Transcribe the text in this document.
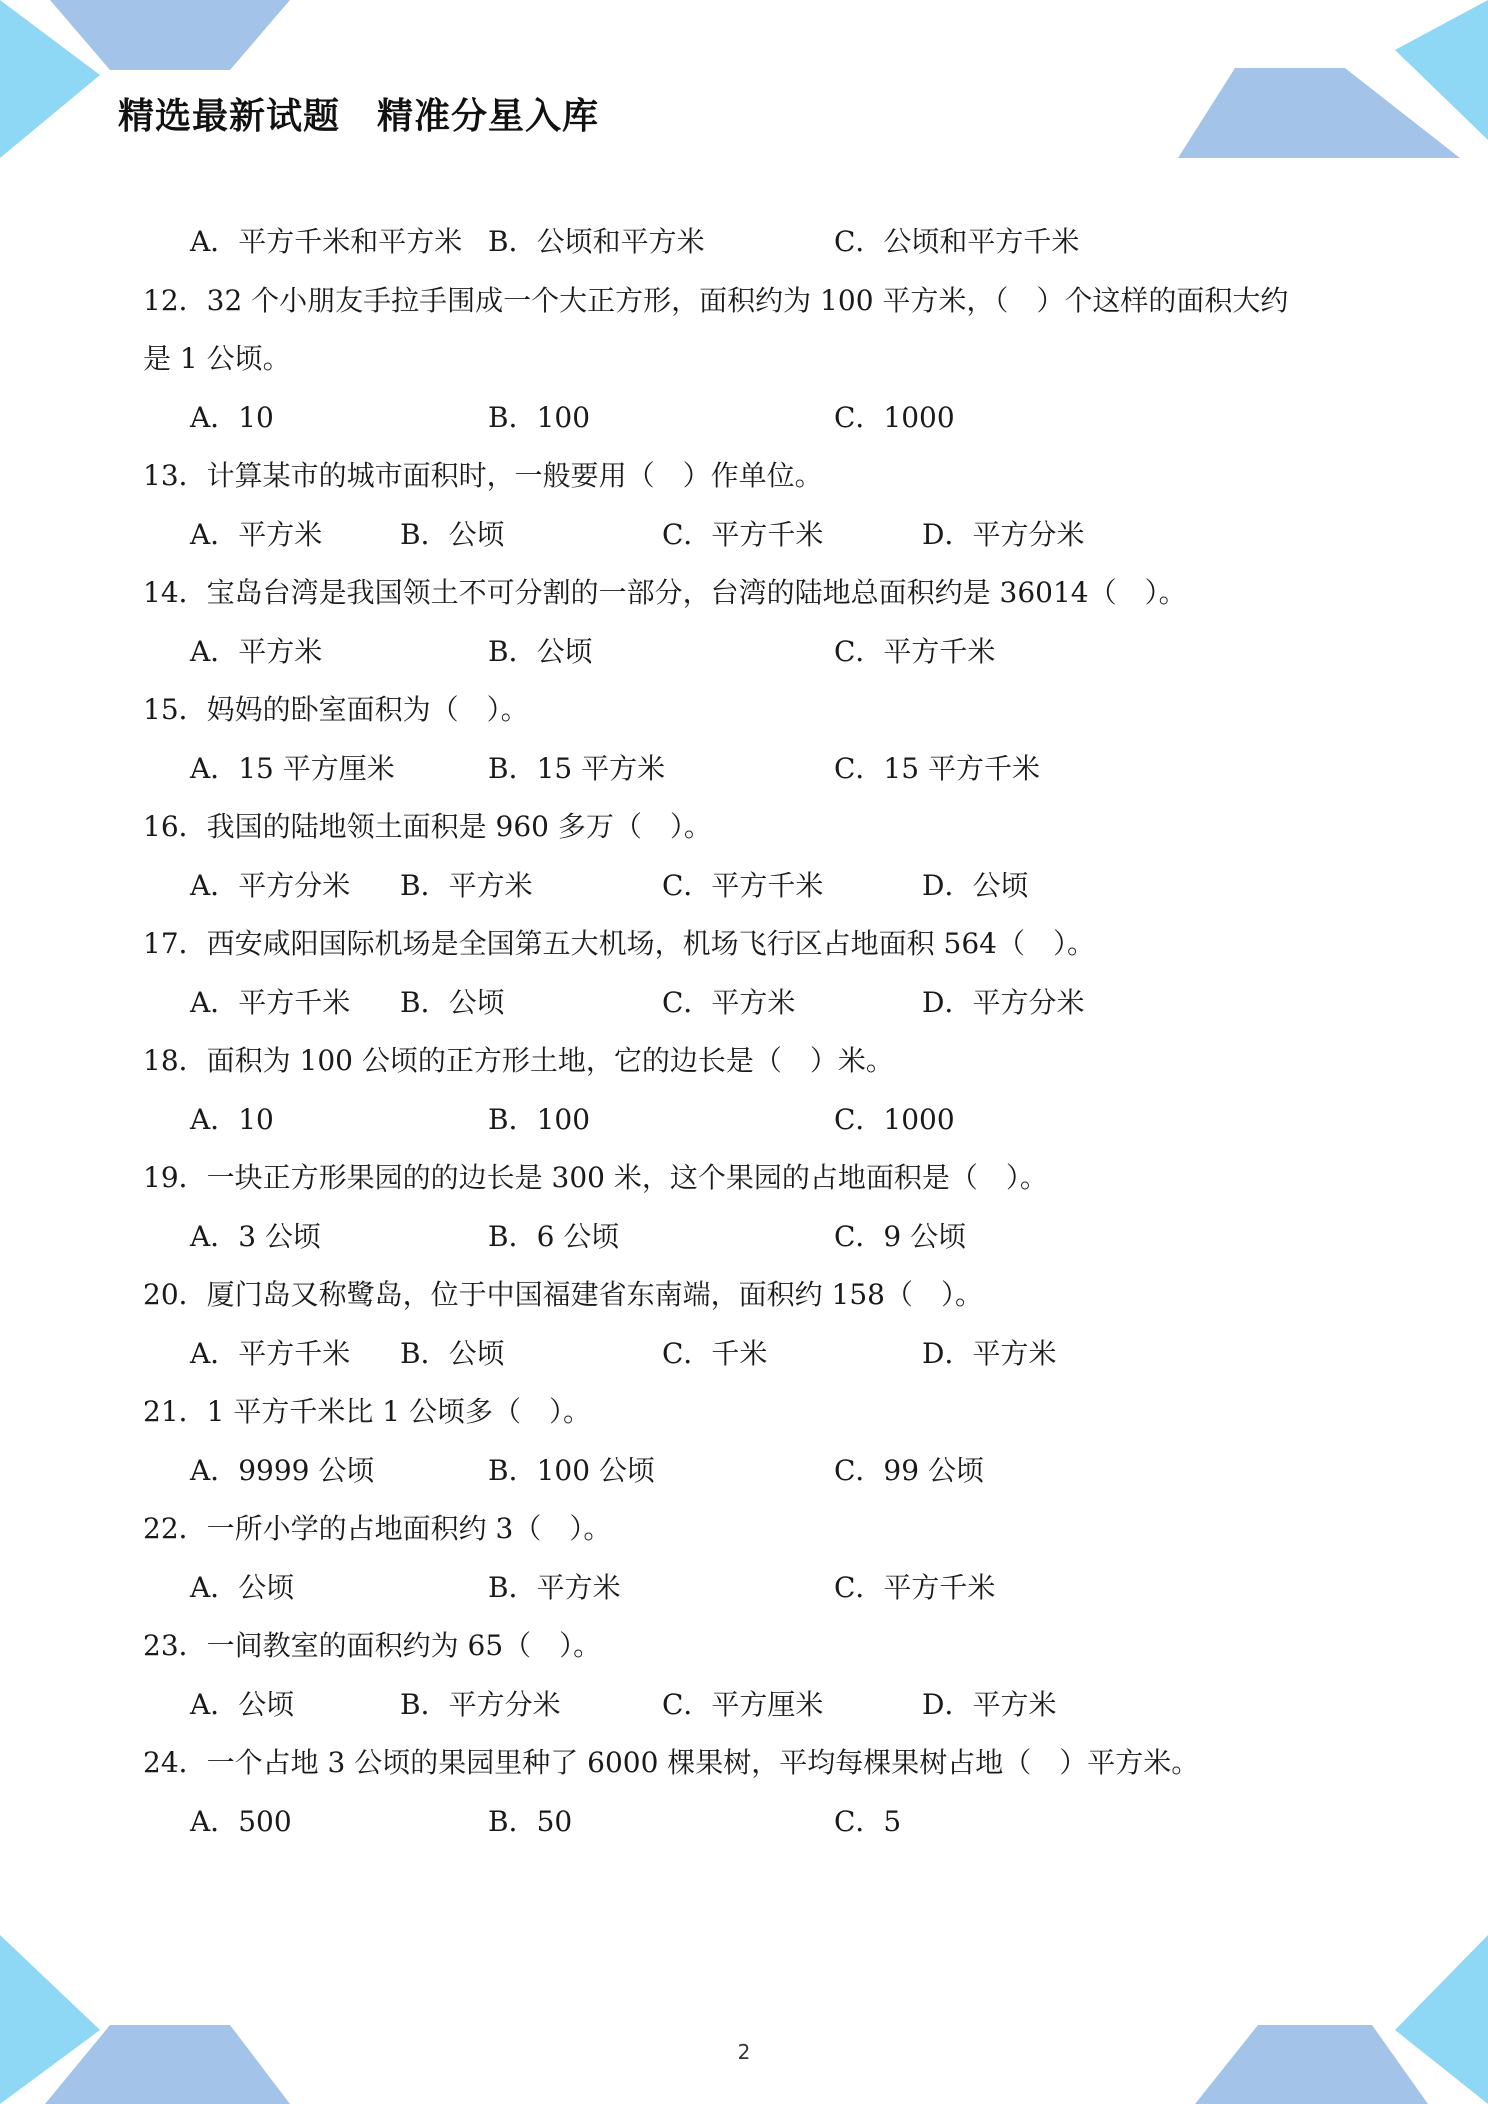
精选最新试题　精准分星入库
A．平方千米和平方米 B．公顷和平方米	C．公顷和平方千米
12．32 个小朋友手拉手围成一个大正方形，面积约为 100 平方米，（　）个这样的面积大约
是 1 公顷。
A．10	B．100	C．1000
13．计算某市的城市面积时，一般要用（　）作单位。
A．平方米	B．公顷	C．平方千米	D．平方分米
14．宝岛台湾是我国领土不可分割的一部分，台湾的陆地总面积约是 36014（　）。
A．平方米	B．公顷	C．平方千米
15．妈妈的卧室面积为（　）。
A．15 平方厘米	B．15 平方米	C．15 平方千米
16．我国的陆地领土面积是 960 多万（　）。
A．平方分米 B．平方米	C．平方千米	D．公顷
17．西安咸阳国际机场是全国第五大机场，机场飞行区占地面积 564（　）。
A．平方千米 B．公顷	C．平方米	D．平方分米
18．面积为 100 公顷的正方形土地，它的边长是（　）米。
A．10	B．100	C．1000
19．一块正方形果园的的边长是 300 米，这个果园的占地面积是（　）。
A．3 公顷	B．6 公顷	C．9 公顷
20．厦门岛又称鹭岛，位于中国福建省东南端，面积约 158（　）。
A．平方千米 B．公顷	C．千米	D．平方米
21．1 平方千米比 1 公顷多（　）。
A．9999 公顷	B．100 公顷	C．99 公顷
22．一所小学的占地面积约 3（　）。
A．公顷	B．平方米	C．平方千米
23．一间教室的面积约为 65（　）。
A．公顷	B．平方分米	C．平方厘米	D．平方米
24．一个占地 3 公顷的果园里种了 6000 棵果树，平均每棵果树占地（　）平方米。
A．500	B．50	C．5
2
